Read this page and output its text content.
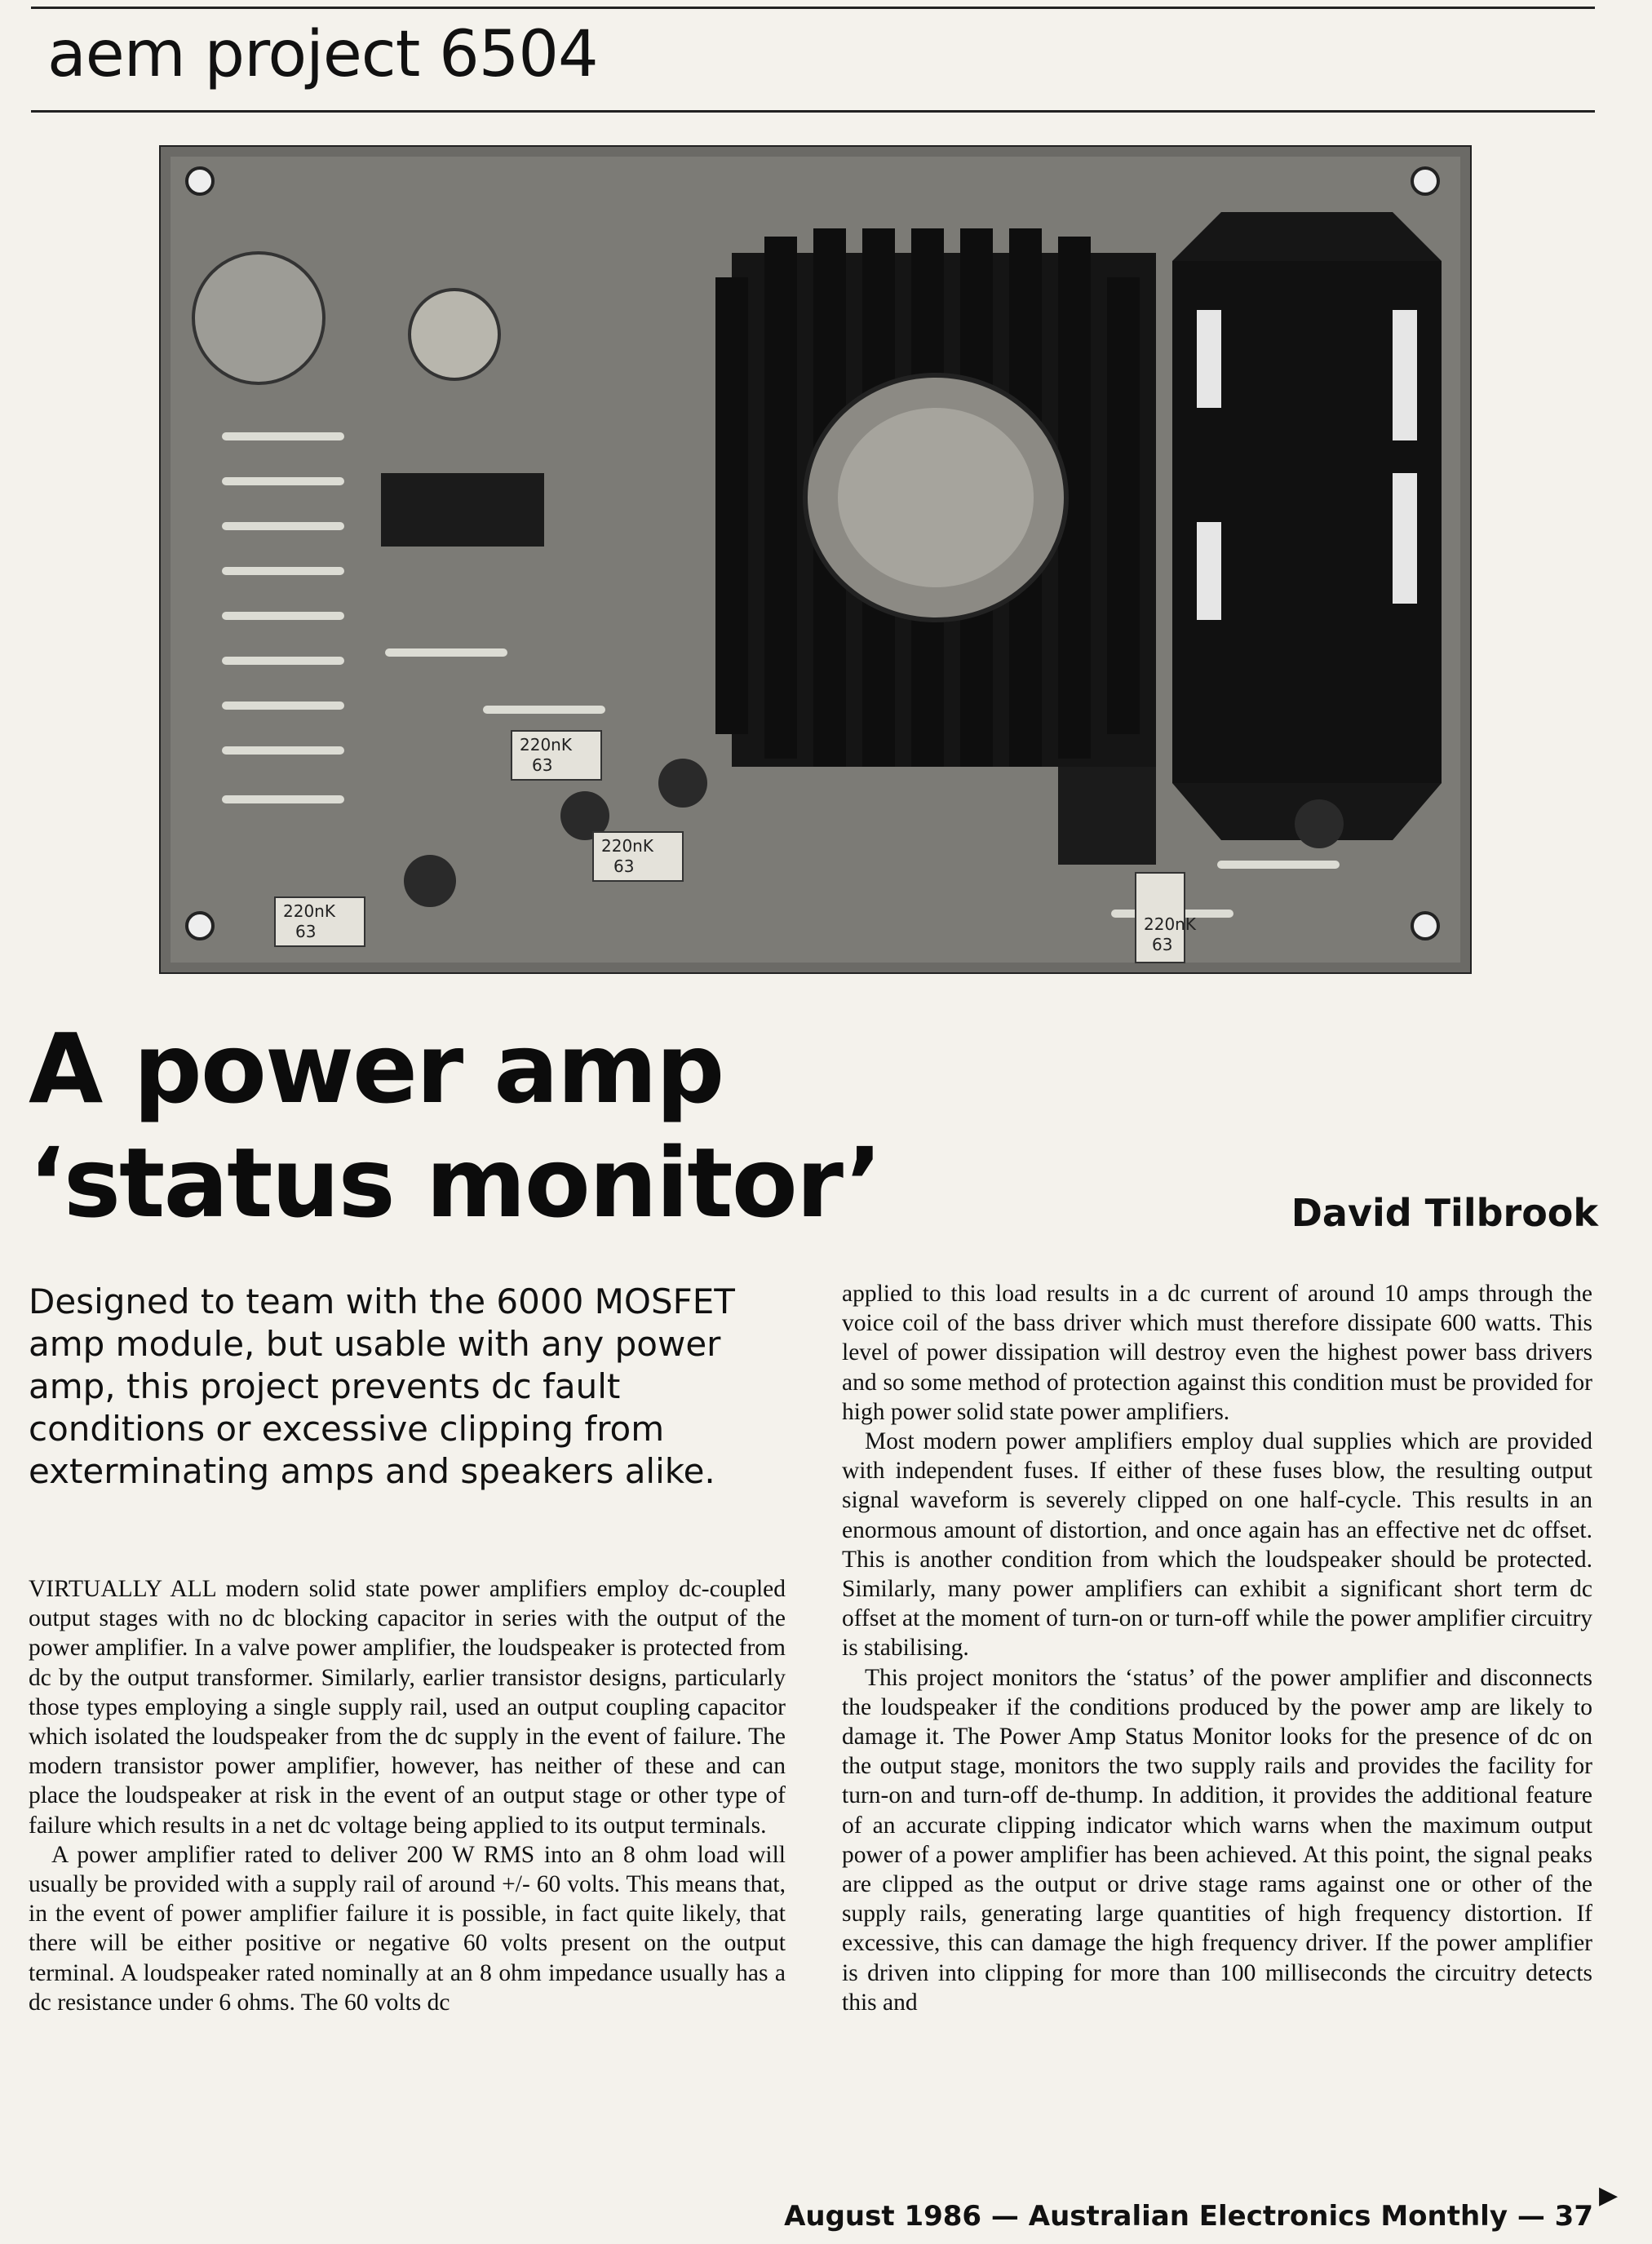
aem project 6504
220nK
63
220nK
63
220nK
63	220nK
63
A power amp
‘status monitor’	David Tilbrook
Designed to team with the 6000 MOSFET amp module, but usable with any power amp, this project prevents dc fault conditions or excessive clipping from exterminating amps and speakers alike.

VIRTUALLY ALL modern solid state power amplifiers employ dc-coupled output stages with no dc blocking capacitor in series with the output of the power amplifier. In a valve power amplifier, the loudspeaker is protected from dc by the output transformer. Similarly, earlier transistor designs, particularly those types employing a single supply rail, used an output coupling capacitor which isolated the loudspeaker from the dc supply in the event of failure. The modern transistor power amplifier, however, has neither of these and can place the loudspeaker at risk in the event of an output stage or other type of failure which results in a net dc voltage being applied to its output terminals.

A power amplifier rated to deliver 200 W RMS into an 8 ohm load will usually be provided with a supply rail of around +/- 60 volts. This means that, in the event of power amplifier failure it is possible, in fact quite likely, that there will be either positive or negative 60 volts present on the output terminal. A loudspeaker rated nominally at an 8 ohm impedance usually has a dc resistance under 6 ohms. The 60 volts dc

applied to this load results in a dc current of around 10 amps through the voice coil of the bass driver which must therefore dissipate 600 watts. This level of power dissipation will destroy even the highest power bass drivers and so some method of protection against this condition must be provided for high power solid state power amplifiers.

Most modern power amplifiers employ dual supplies which are provided with independent fuses. If either of these fuses blow, the resulting output signal waveform is severely clipped on one half-cycle. This results in an enormous amount of distortion, and once again has an effective net dc offset. This is another condition from which the loudspeaker should be protected. Similarly, many power amplifiers can exhibit a significant short term dc offset at the moment of turn-on or turn-off while the power amplifier circuitry is stabilising.

This project monitors the ‘status’ of the power amplifier and disconnects the loudspeaker if the conditions produced by the power amp are likely to damage it. The Power Amp Status Monitor looks for the presence of dc on the output stage, monitors the two supply rails and provides the facility for turn-on and turn-off de-thump. In addition, it provides the additional feature of an accurate clipping indicator which warns when the maximum output power of a power amplifier has been achieved. At this point, the signal peaks are clipped as the output or drive stage rams against one or other of the supply rails, generating large quantities of high frequency distortion. If excessive, this can damage the high frequency driver. If the power amplifier is driven into clipping for more than 100 milliseconds the circuitry detects this and

▶
August 1986 — Australian Electronics Monthly — 37
